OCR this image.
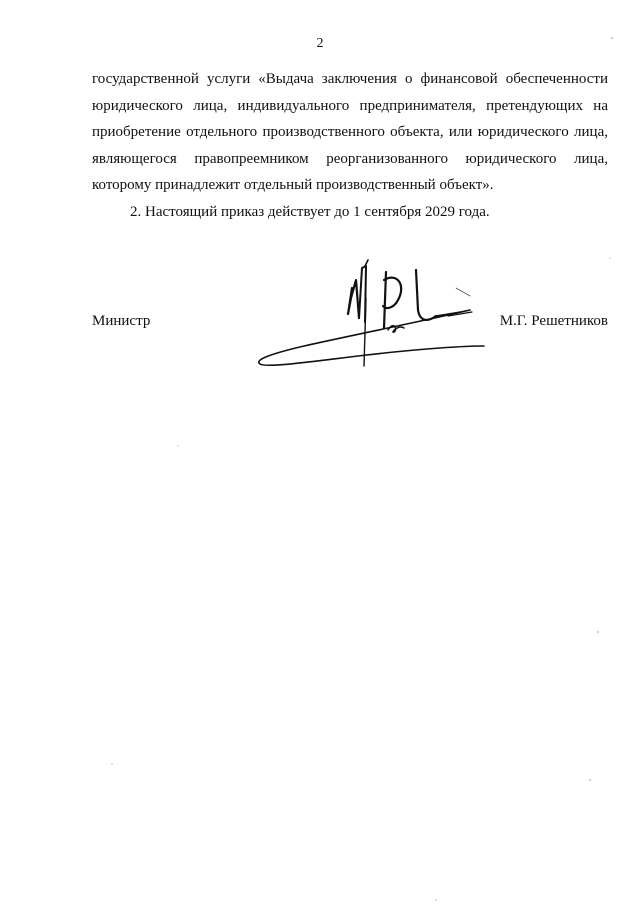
2

государственной услуги «Выдача заключения о финансовой обеспеченности юридического лица, индивидуального предпринимателя, претендующих на приобретение отдельного производственного объекта, или юридического лица, являющегося правопреемником реорганизованного юридического лица, которому принадлежит отдельный производственный объект».

2. Настоящий приказ действует до 1 сентября 2029 года.

Министр	М.Г. Решетников
